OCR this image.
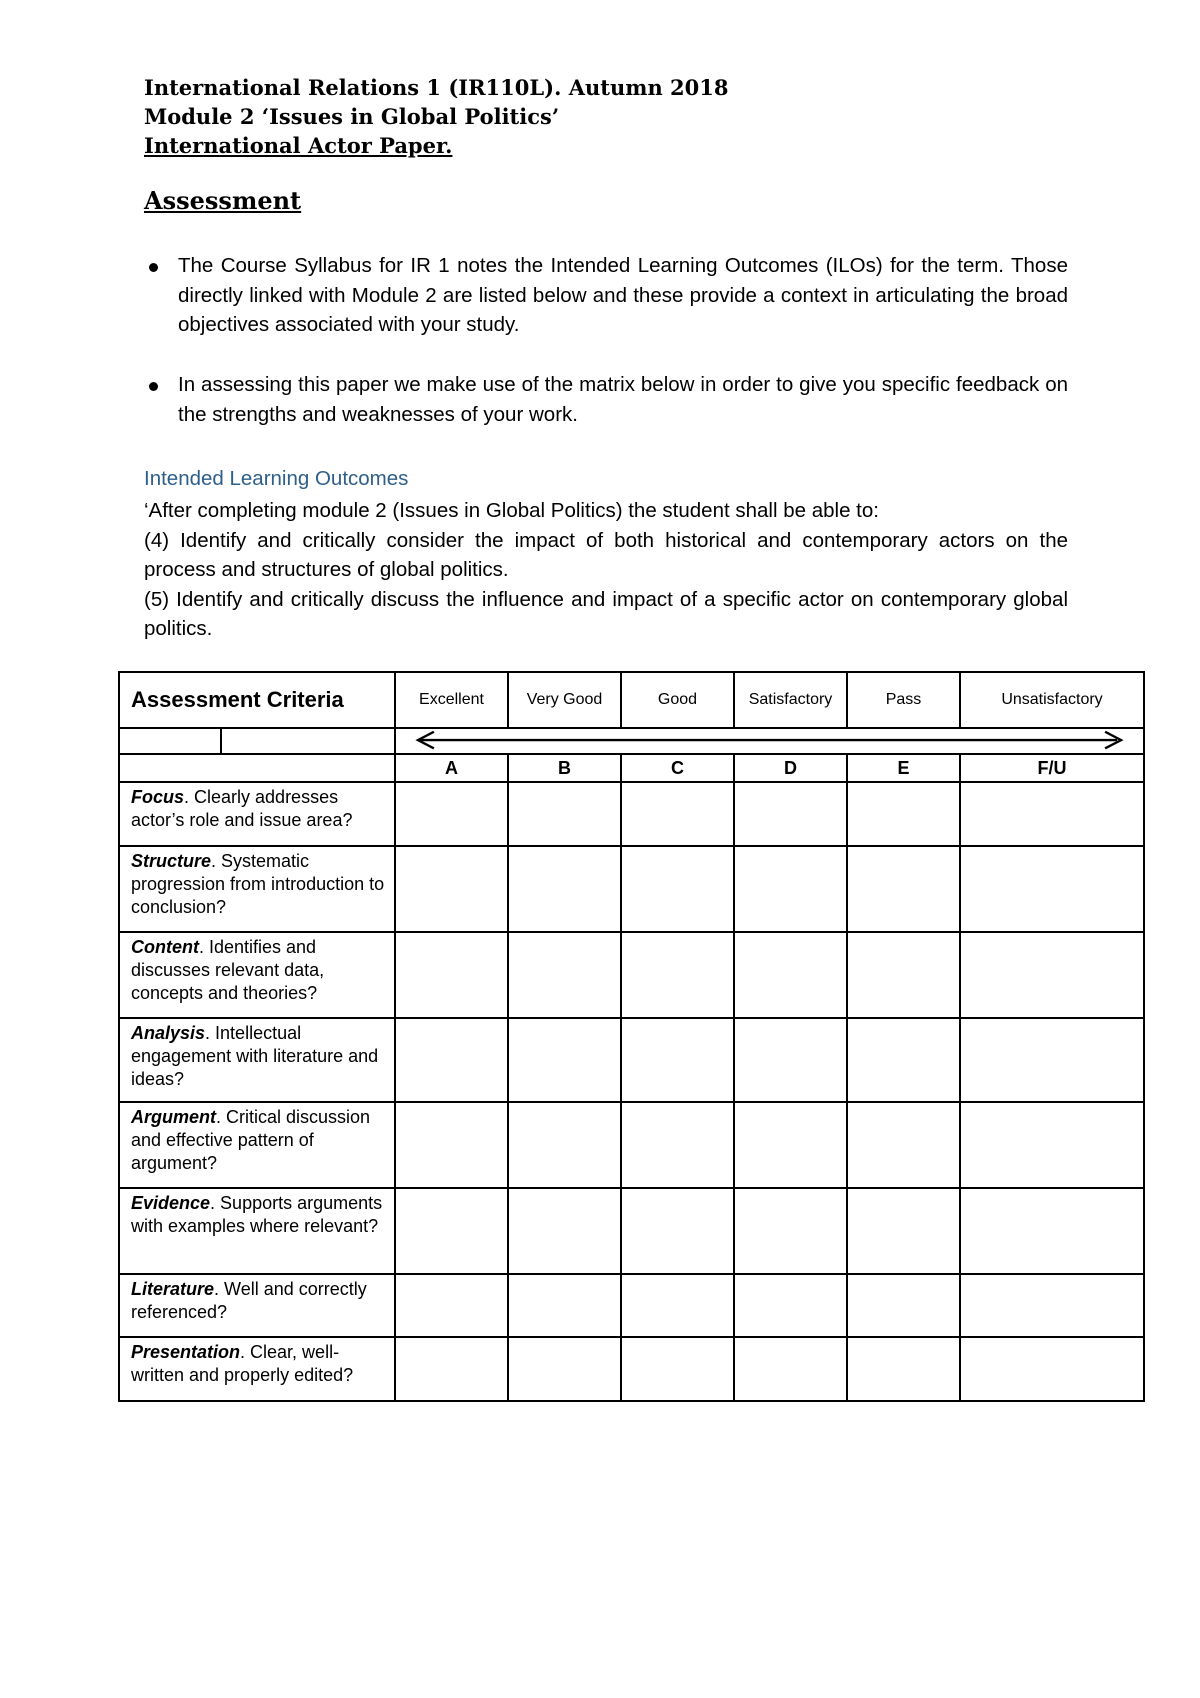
International Relations 1 (IR110L). Autumn 2018
Module 2 ‘Issues in Global Politics’
International Actor Paper.
Assessment
The Course Syllabus for IR 1 notes the Intended Learning Outcomes (ILOs) for the term. Those directly linked with Module 2 are listed below and these provide a context in articulating the broad objectives associated with your study.
In assessing this paper we make use of the matrix below in order to give you specific feedback on the strengths and weaknesses of your work.
Intended Learning Outcomes

‘After completing module 2 (Issues in Global Politics) the student shall be able to:

(4) Identify and critically consider the impact of both historical and contemporary actors on the process and structures of global politics.

(5) Identify and critically discuss the influence and impact of a specific actor on contemporary global politics.

Assessment Criteria	Excellent	Very Good	Good	Satisfactory	Pass	Unsatisfactory

	A	B	C	D	E	F/U
Focus. Clearly addresses actor’s role and issue area?						
Structure. Systematic progression from introduction to conclusion?						
Content. Identifies and discusses relevant data, concepts and theories?						
Analysis. Intellectual engagement with literature and ideas?						
Argument. Critical discussion and effective pattern of argument?						
Evidence. Supports arguments with examples where relevant?						
Literature. Well and correctly referenced?						
Presentation. Clear, well-written and properly edited?						
